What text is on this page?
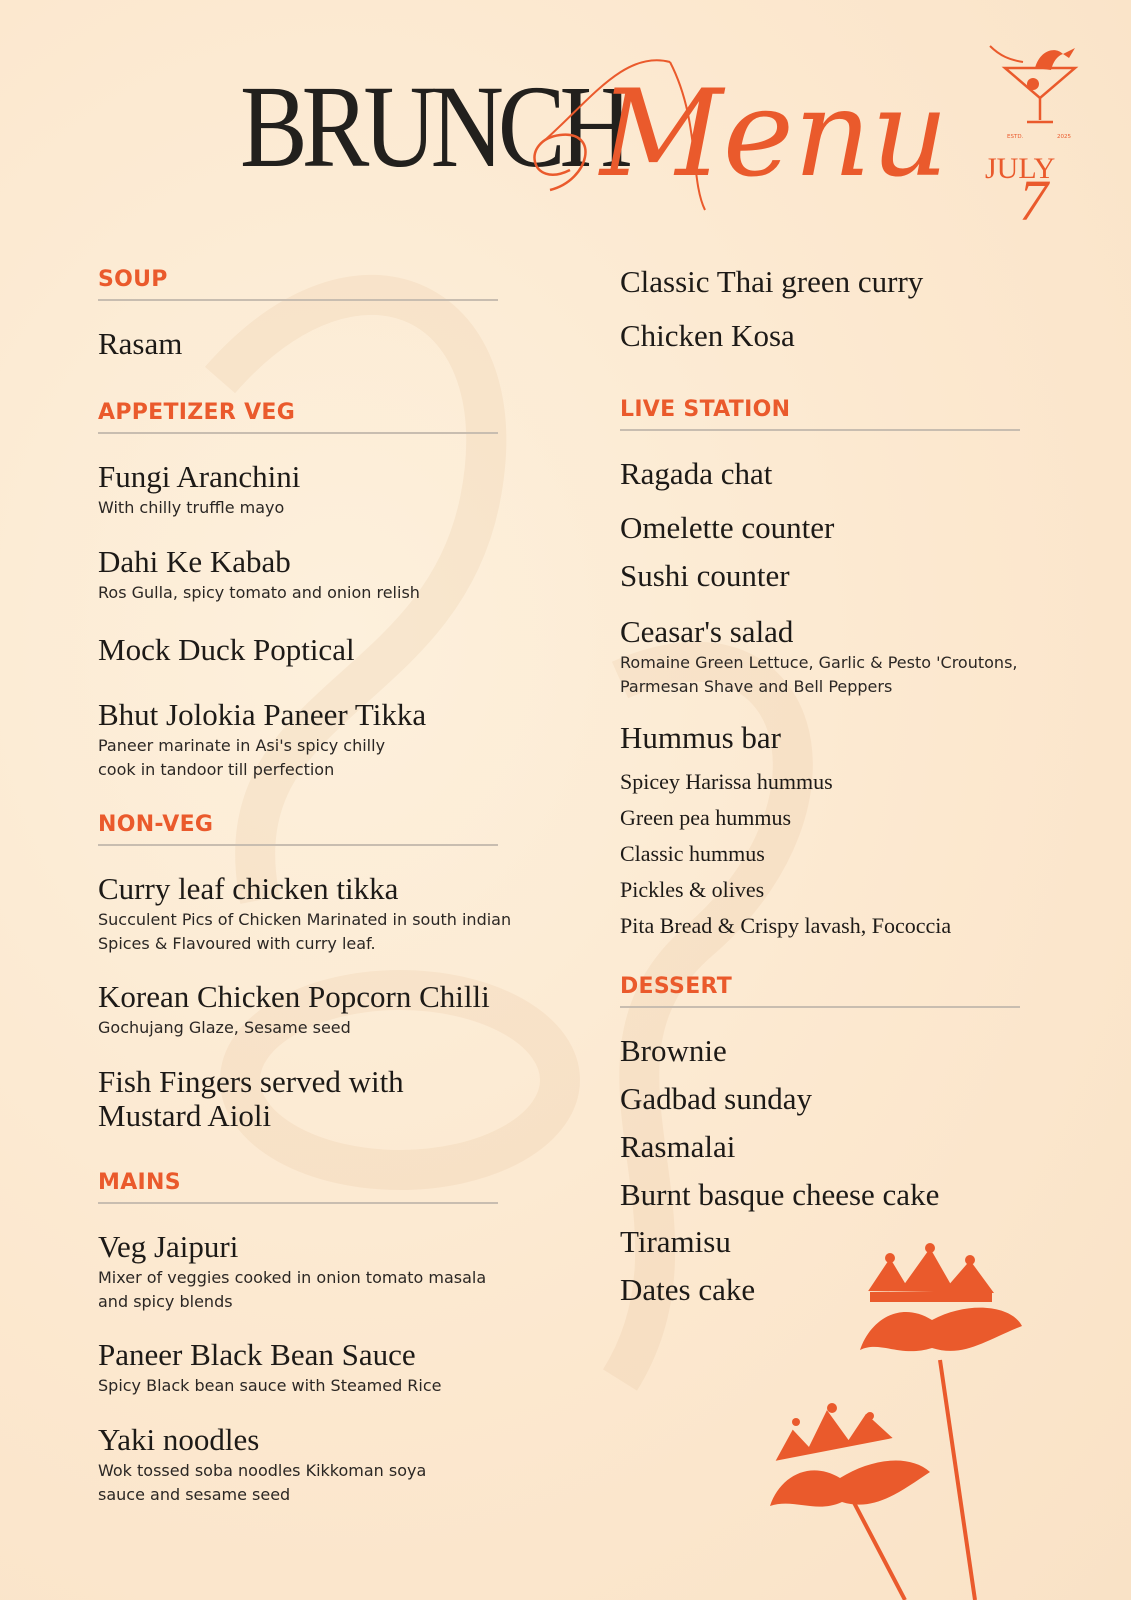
BRUNCH
Menu	ESTD.	2025
JULY
7
SOUP
Rasam
APPETIZER VEG
Fungi Aranchini
With chilly truffle mayo
Dahi Ke Kabab
Ros Gulla, spicy tomato and onion relish
Mock Duck Poptical
Bhut Jolokia Paneer Tikka
Paneer marinate in Asi's spicy chilly
cook in tandoor till perfection
NON-VEG
Curry leaf chicken tikka
Succulent Pics of Chicken Marinated in south indian
Spices & Flavoured with curry leaf.
Korean Chicken Popcorn Chilli
Gochujang Glaze, Sesame seed
Fish Fingers served with
Mustard Aioli
MAINS
Veg Jaipuri
Mixer of veggies cooked in onion tomato masala
and spicy blends
Paneer Black Bean Sauce
Spicy Black bean sauce with Steamed Rice
Yaki noodles
Wok tossed soba noodles Kikkoman soya
sauce and sesame seed
Classic Thai green curry
Chicken Kosa
LIVE STATION
Ragada chat
Omelette counter
Sushi counter
Ceasar's salad
Romaine Green Lettuce, Garlic & Pesto 'Croutons,
Parmesan Shave and Bell Peppers
Hummus bar
Spicey Harissa hummus
Green pea hummus
Classic hummus
Pickles & olives
Pita Bread & Crispy lavash, Fococcia
DESSERT
Brownie
Gadbad sunday
Rasmalai
Burnt basque cheese cake
Tiramisu
Dates cake
